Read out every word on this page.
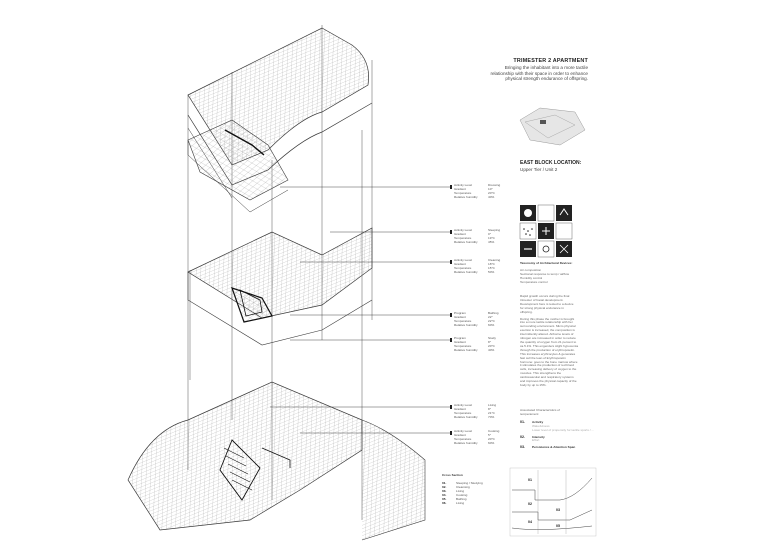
TRIMESTER 2 APARTMENT
Bringing the inhabitant into a more tactile
relationship with their space in order to enhance
physical strength endurance of offspring.
EAST BLOCK LOCATION:
Upper Tier / Unit 2
Activity Level	Dressing
Gradient	10°
Temperature	20°C
Relative humidity	40%
Activity Level	Sleeping
Gradient	0°
Temperature	19°C
Relative humidity	45%
Activity Level	Cleaning
Gradient	18°C
Temperature	15°C
Relative humidity	50%
Program	Bathing
Gradient	22°
Temperature	22°C
Relative humidity	60%
Program	Study
Gradient	8°
Temperature	20°C
Relative humidity	40%
Activity Level	Living
Gradient	8°
Temperature	21°C
Relative humidity	70%
Activity Level	Cooking
Gradient	5°
Temperature	20°C
Relative humidity	60%
Taxonomy of Architectural Devices:
Air composition
Sectional response to temp / airflow
Humidity control
Temperature control
Rapid growth occurs during the final
trimester of foetal development.
Development here is tested to a device
for strong physical endurance in
offspring.
During this phase the mother is brought
into a more tactile relationship with her
surrounding environment. Micro physical
exertion is increased, the composition is
intermittently altered. Airborne levels of
nitrogen are increased in order to reduce
the quantity of oxygen from 21 percent to
ca.5.1%. This engenders slight hypoxemia
through the production of erythropoietin.
This increases erythrocytes & generates
fast cell the lean of Erythropoietin
hormone: goes to the bone marrow where
it stimulates the production of red blood
cells, increasing delivery of oxygen to the
muscles. This strengthens the
cardiovascular and respiratory systems
and improves the physical capacity of the
body by up to 15%.
Associated Characteristics of
temperament:
01.	Activity
Wakefulness
Lower level of propensity for tactile sports / ...
02.	Intensity
Effort
03.	Persistence & Attention Span
Cross Section
01.	Sleeping / Studying
02.	Cleansing
03.	Living
04.	Cooking
05.	Bathing
06.	Living
01
02
03
04
05
